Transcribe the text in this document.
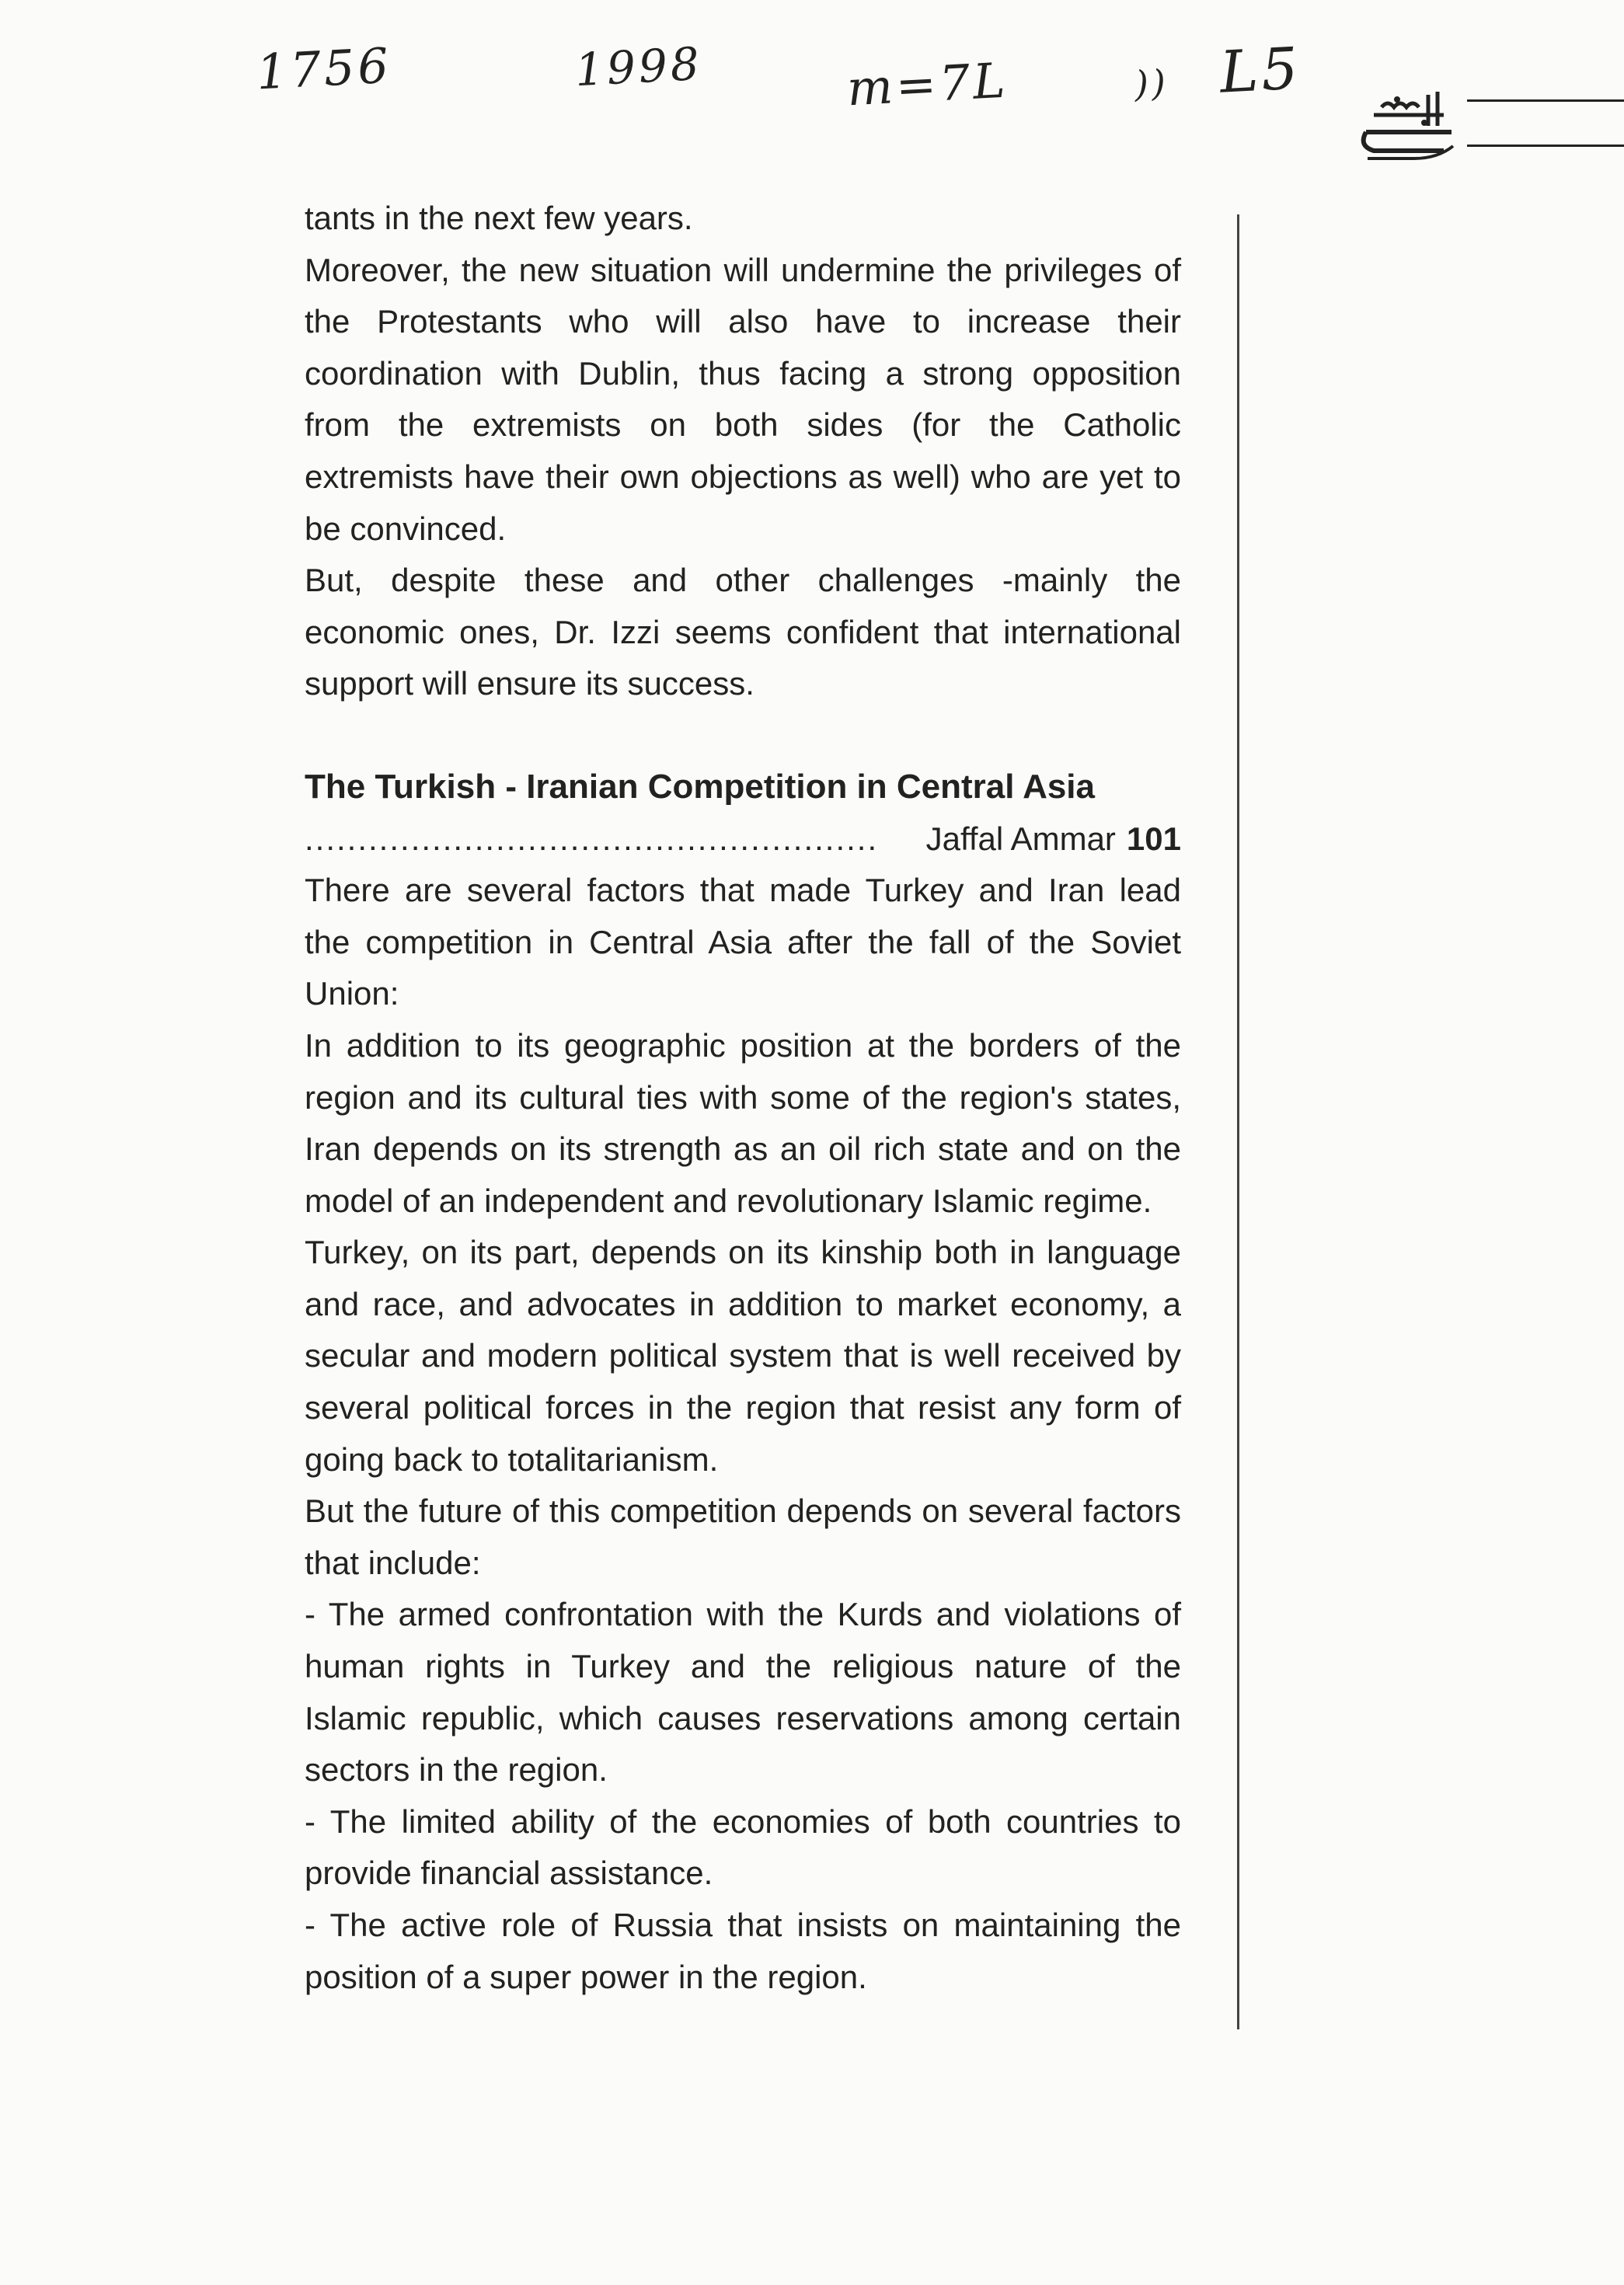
1756	1998	m=7L	)) L5

tants in the next few years.

Moreover, the new situation will undermine the privileges of the Protestants who will also have to increase their coordination with Dublin, thus facing a strong opposition from the extremists on both sides (for the Catholic extremists have their own objections as well) who are yet to be convinced.

But, despite these and other challenges -mainly the economic ones, Dr. Izzi seems confident that international support will ensure its success.

The Turkish - Iranian Competition in Central Asia

......................................................	Jaffal Ammar 101

There are several factors that made Turkey and Iran lead the competition in Central Asia after the fall of the Soviet Union:

In addition to its geographic position at the borders of the region and its cultural ties with some of the region's states, Iran depends on its strength as an oil rich state and on the model of an independent and revolutionary Islamic regime.

Turkey, on its part, depends on its kinship both in language and race, and advocates in addition to market economy, a secular and modern political system that is well received by several political forces in the region that resist any form of going back to totalitarianism.

But the future of this competition depends on several factors that include:

- The armed confrontation with the Kurds and violations of human rights in Turkey and the religious nature of the Islamic republic, which causes reservations among certain sectors in the region.

- The limited ability of the economies of both countries to provide financial assistance.

- The active role of Russia that insists on maintaining the position of a super power in the region.
